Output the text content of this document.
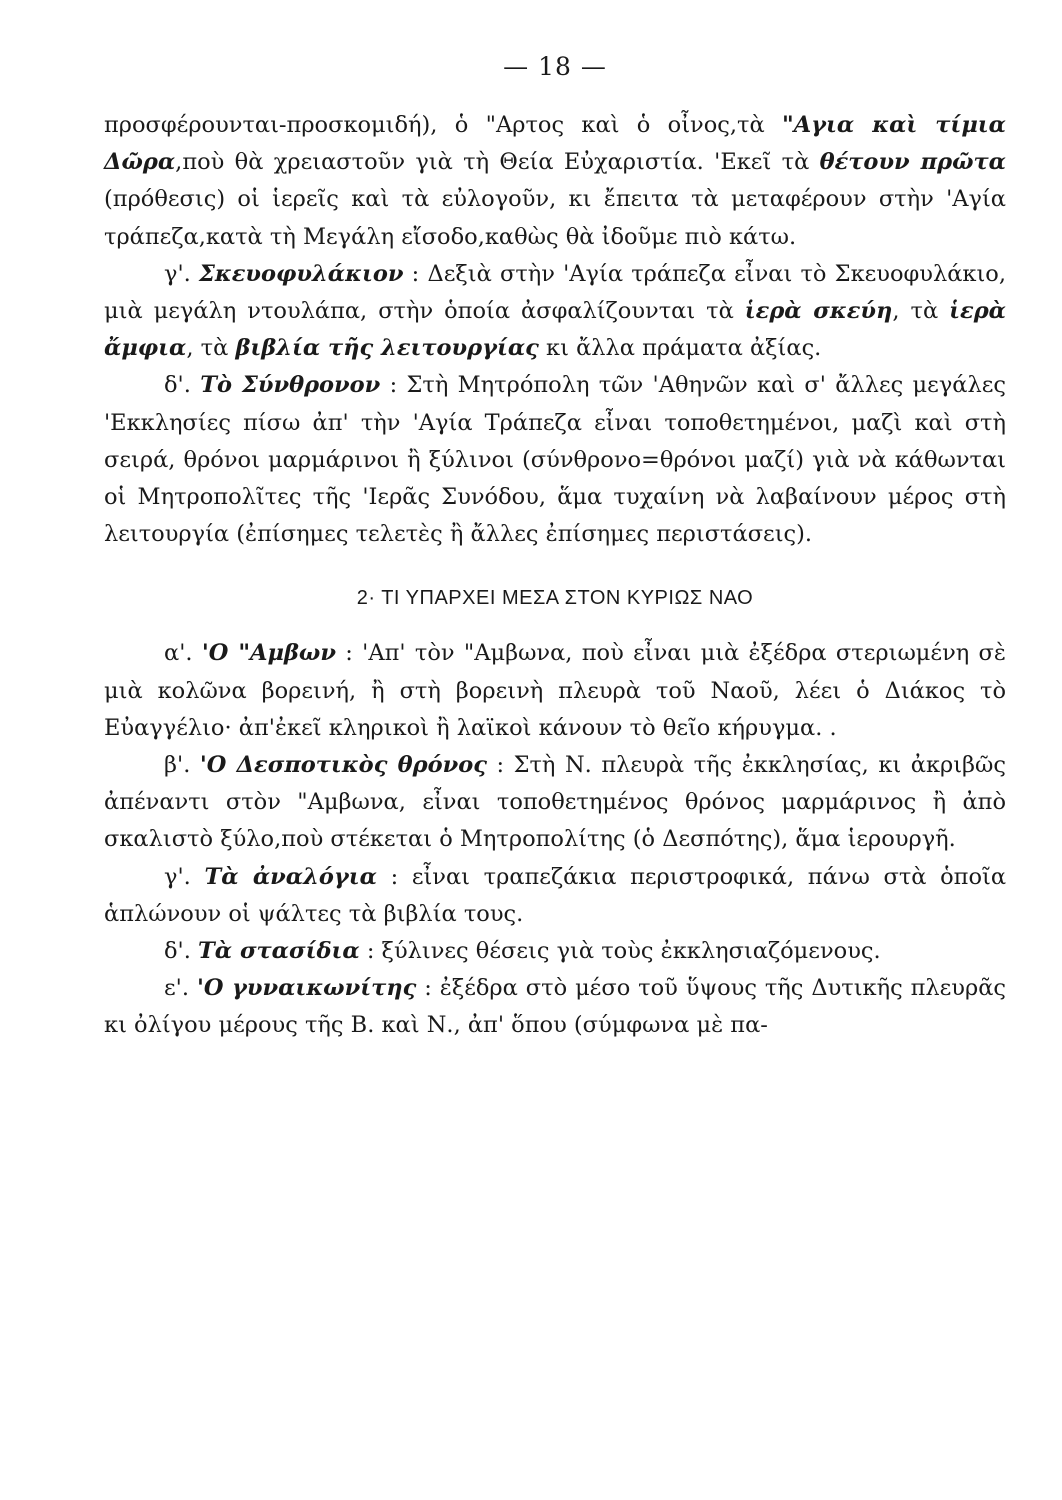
— 18 —

προσφέρουνται-προσκομιδή), ὁ "Αρτος καὶ ὁ οἶνος,τὰ "Αγια καὶ τίμια Δῶρα,ποὺ θὰ χρειαστοῦν γιὰ τὴ Θεία Εὐχαριστία. 'Εκεῖ τὰ θέτουν πρῶτα (πρόθεσις) οἱ ἱερεῖς καὶ τὰ εὐλογοῦν, κι ἔπειτα τὰ μεταφέρουν στὴν 'Αγία τράπεζα,κατὰ τὴ Μεγάλη εἴσοδο,καθὼς θὰ ἰδοῦμε πιὸ κάτω.

γ'. Σκευοφυλάκιον : Δεξιὰ στὴν 'Αγία τράπεζα εἶναι τὸ Σκευοφυλάκιο, μιὰ μεγάλη ντουλάπα, στὴν ὁποία ἀσφαλίζουνται τὰ ἱερὰ σκεύη, τὰ ἱερὰ ἄμφια, τὰ βιβλία τῆς λειτουργίας κι ἄλλα πράματα ἀξίας.

δ'. Τὸ Σύνθρονον : Στὴ Μητρόπολη τῶν 'Αθηνῶν καὶ σ' ἄλλες μεγάλες 'Εκκλησίες πίσω ἀπ' τὴν 'Αγία Τράπεζα εἶναι τοποθετημένοι, μαζὶ καὶ στὴ σειρά, θρόνοι μαρμάρινοι ἢ ξύλινοι (σύνθρονο=θρόνοι μαζί) γιὰ νὰ κάθωνται οἱ Μητροπολῖτες τῆς 'Ιερᾶς Συνόδου, ἅμα τυχαίνη νὰ λαβαίνουν μέρος στὴ λειτουργία (ἐπίσημες τελετὲς ἢ ἄλλες ἐπίσημες περιστάσεις).

2· ΤΙ ΥΠΑΡΧΕΙ ΜΕΣΑ ΣΤΟΝ ΚΥΡΙΩΣ ΝΑΟ

α'. 'Ο "Αμβων : 'Απ' τὸν "Αμβωνα, ποὺ εἶναι μιὰ ἐξέδρα στεριωμένη σὲ μιὰ κολῶνα βορεινή, ἢ στὴ βορεινὴ πλευρὰ τοῦ Ναοῦ, λέει ὁ Διάκος τὸ Εὐαγγέλιο· ἀπ'ἐκεῖ κληρικοὶ ἢ λαϊκοὶ κάνουν τὸ θεῖο κήρυγμα. .

β'. 'Ο Δεσποτικὸς θρόνος : Στὴ Ν. πλευρὰ τῆς ἐκκλησίας, κι ἀκριβῶς ἀπέναντι στὸν "Αμβωνα, εἶναι τοποθετημένος θρόνος μαρμάρινος ἢ ἀπὸ σκαλιστὸ ξύλο,ποὺ στέκεται ὁ Μητροπολίτης (ὁ Δεσπότης), ἅμα ἱερουργῆ.

γ'. Τὰ ἀναλόγια : εἶναι τραπεζάκια περιστροφικά, πάνω στὰ ὁποῖα ἁπλώνουν οἱ ψάλτες τὰ βιβλία τους.

δ'. Τὰ στασίδια : ξύλινες θέσεις γιὰ τοὺς ἐκκλησιαζόμενους.

ε'. 'Ο γυναικωνίτης : ἐξέδρα στὸ μέσο τοῦ ὕψους τῆς Δυτικῆς πλευρᾶς κι ὀλίγου μέρους τῆς Β. καὶ Ν., ἀπ' ὅπου (σύμφωνα μὲ πα-
